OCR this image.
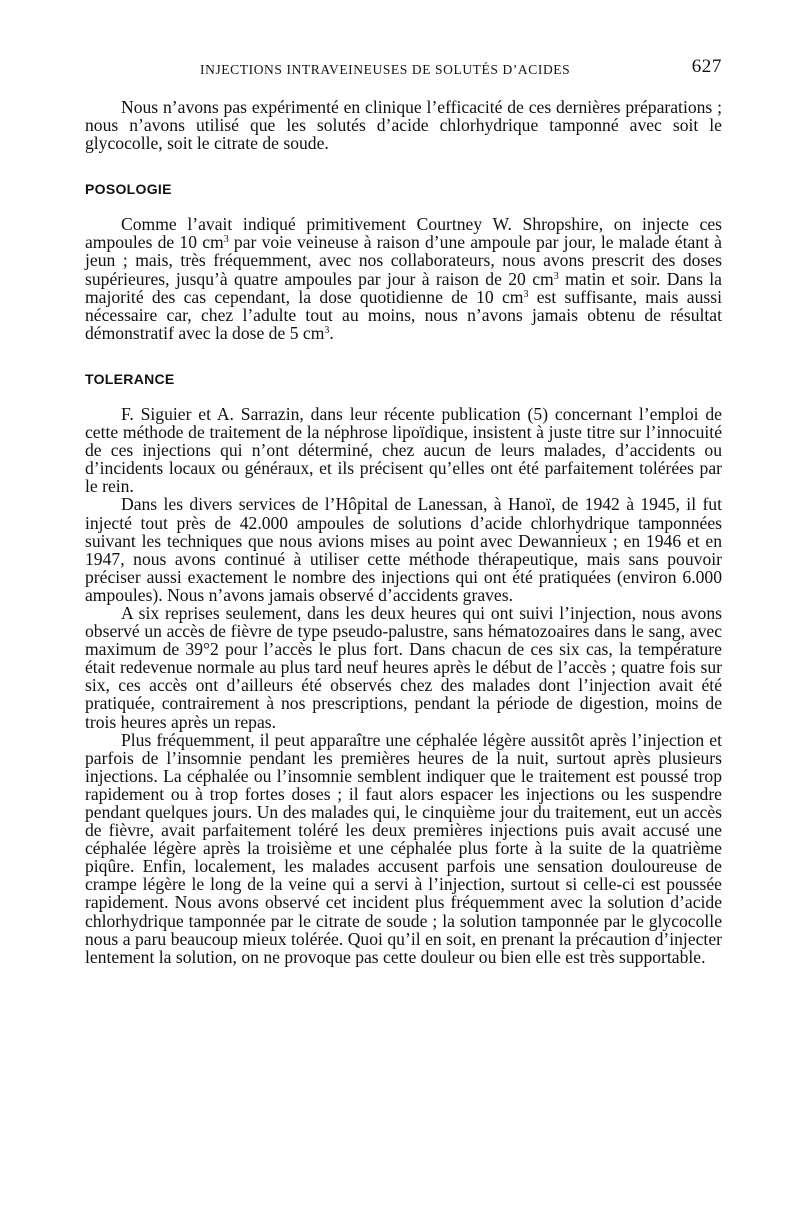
INJECTIONS INTRAVEINEUSES DE SOLUTÉS D’ACIDES	627

Nous n’avons pas expérimenté en clinique l’efficacité de ces dernières préparations ; nous n’avons utilisé que les solutés d’acide chlorhydrique tamponné avec soit le glycocolle, soit le citrate de soude.

POSOLOGIE

Comme l’avait indiqué primitivement Courtney W. Shropshire, on injecte ces ampoules de 10 $cm^3$ par voie veineuse à raison d’une ampoule par jour, le malade étant à jeun ; mais, très fréquemment, avec nos collaborateurs, nous avons prescrit des doses supérieures, jusqu’à quatre ampoules par jour à raison de 20 $cm^3$ matin et soir. Dans la majorité des cas cependant, la dose quotidienne de 10 $cm^3$ est suffisante, mais aussi nécessaire car, chez l’adulte tout au moins, nous n’avons jamais obtenu de résultat démonstratif avec la dose de 5 $cm^3$.

TOLERANCE

F. Siguier et A. Sarrazin, dans leur récente publication (5) concernant l’emploi de cette méthode de traitement de la néphrose lipoïdique, insistent à juste titre sur l’innocuité de ces injections qui n’ont déterminé, chez aucun de leurs malades, d’accidents ou d’incidents locaux ou généraux, et ils précisent qu’elles ont été parfaitement tolérées par le rein.

Dans les divers services de l’Hôpital de Lanessan, à Hanoï, de 1942 à 1945, il fut injecté tout près de 42.000 ampoules de solutions d’acide chlorhydrique tamponnées suivant les techniques que nous avions mises au point avec Dewannieux ; en 1946 et en 1947, nous avons continué à utiliser cette méthode thérapeutique, mais sans pouvoir préciser aussi exactement le nombre des injections qui ont été pratiquées (environ 6.000 ampoules). Nous n’avons jamais observé d’accidents graves.

A six reprises seulement, dans les deux heures qui ont suivi l’injection, nous avons observé un accès de fièvre de type pseudo-palustre, sans hématozoaires dans le sang, avec maximum de 39°2 pour l’accès le plus fort. Dans chacun de ces six cas, la température était redevenue normale au plus tard neuf heures après le début de l’accès ; quatre fois sur six, ces accès ont d’ailleurs été observés chez des malades dont l’injection avait été pratiquée, contrairement à nos prescriptions, pendant la période de digestion, moins de trois heures après un repas.

Plus fréquemment, il peut apparaître une céphalée légère aussitôt après l’injection et parfois de l’insomnie pendant les premières heures de la nuit, surtout après plusieurs injections. La céphalée ou l’insomnie semblent indiquer que le traitement est poussé trop rapidement ou à trop fortes doses ; il faut alors espacer les injections ou les suspendre pendant quelques jours. Un des malades qui, le cinquième jour du traitement, eut un accès de fièvre, avait parfaitement toléré les deux premières injections puis avait accusé une céphalée légère après la troisième et une céphalée plus forte à la suite de la quatrième piqûre. Enfin, localement, les malades accusent parfois une sensation douloureuse de crampe légère le long de la veine qui a servi à l’injection, surtout si celle-ci est poussée rapidement. Nous avons observé cet incident plus fréquemment avec la solution d’acide chlorhydrique tamponnée par le citrate de soude ; la solution tamponnée par le glycocolle nous a paru beaucoup mieux tolérée. Quoi qu’il en soit, en prenant la précaution d’injecter lentement la solution, on ne provoque pas cette douleur ou bien elle est très supportable.
